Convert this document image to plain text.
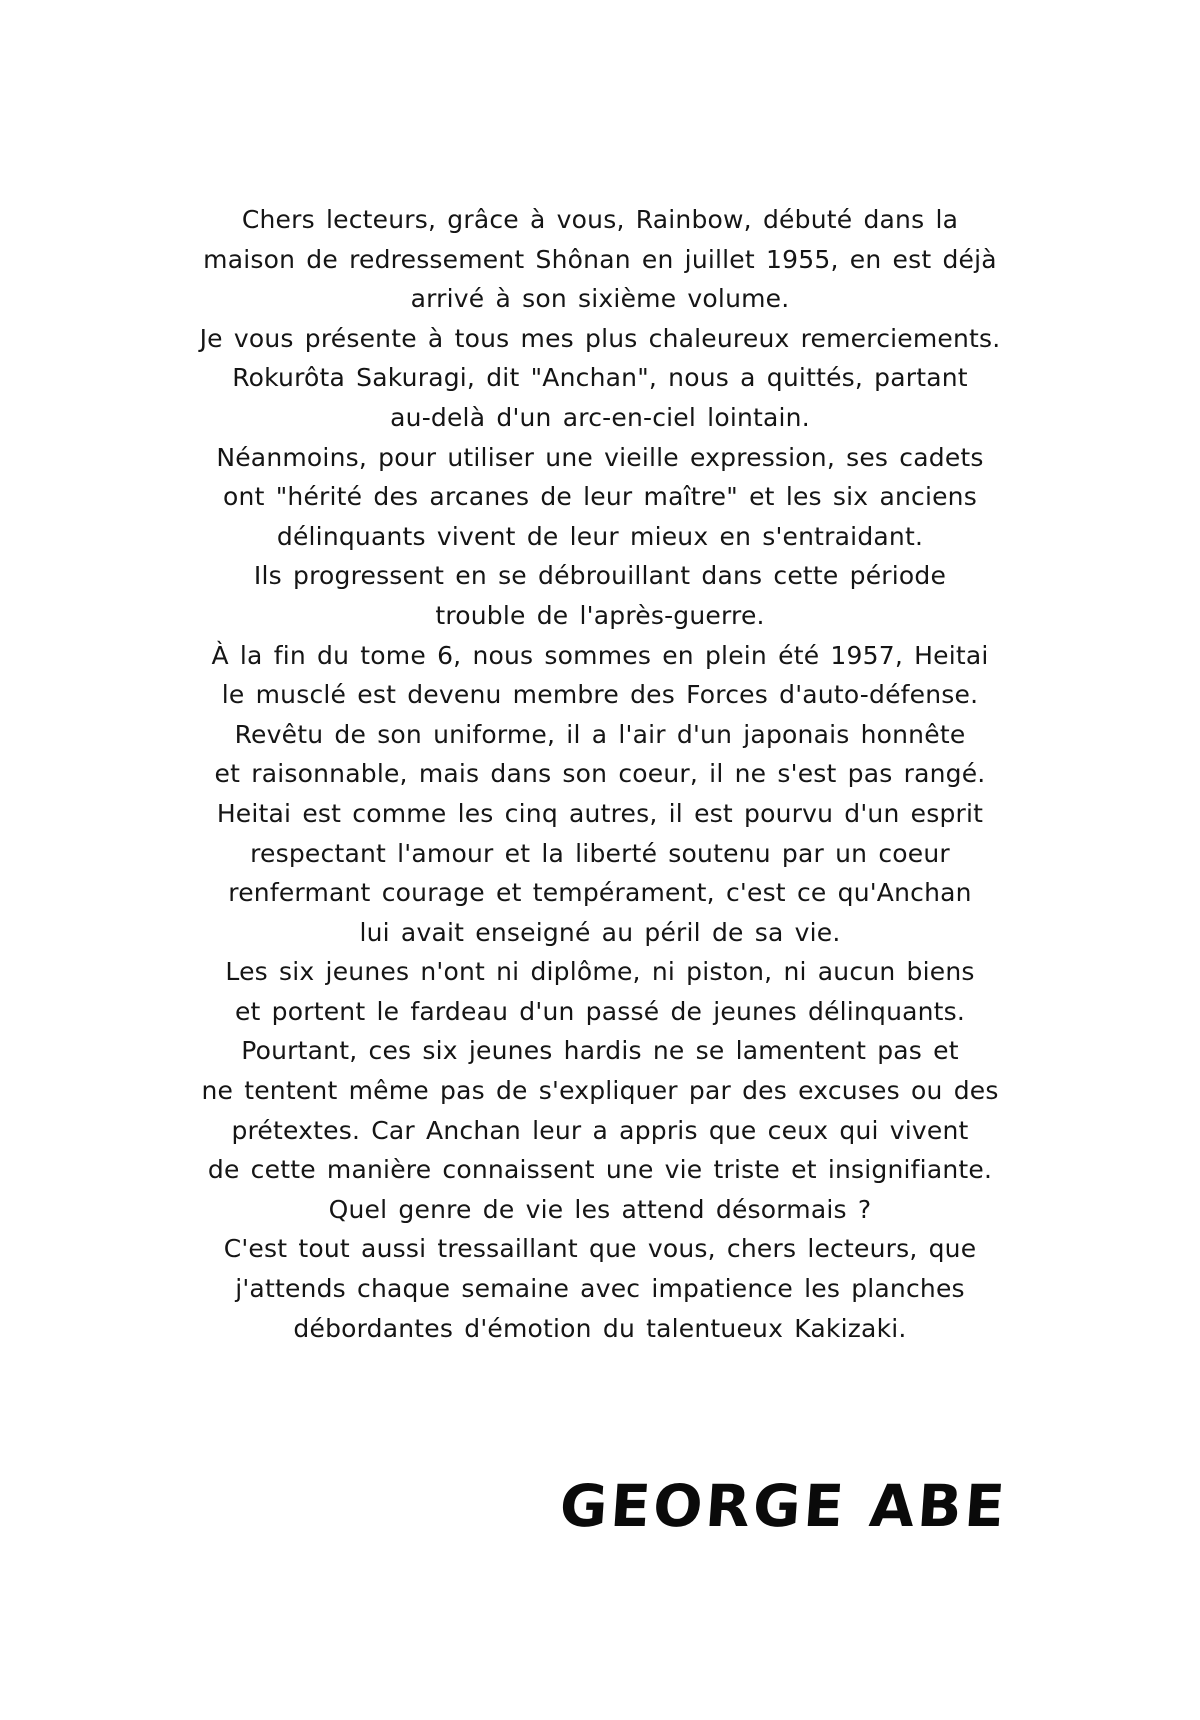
Chers lecteurs, grâce à vous, Rainbow, débuté dans la
maison de redressement Shônan en juillet 1955, en est déjà
arrivé à son sixième volume.
Je vous présente à tous mes plus chaleureux remerciements.
Rokurôta Sakuragi, dit "Anchan", nous a quittés, partant
au-delà d'un arc-en-ciel lointain.
Néanmoins, pour utiliser une vieille expression, ses cadets
ont "hérité des arcanes de leur maître" et les six anciens
délinquants vivent de leur mieux en s'entraidant.
Ils progressent en se débrouillant dans cette période
trouble de l'après-guerre.
À la fin du tome 6, nous sommes en plein été 1957, Heitai
le musclé est devenu membre des Forces d'auto-défense.
Revêtu de son uniforme, il a l'air d'un japonais honnête
et raisonnable, mais dans son coeur, il ne s'est pas rangé.
Heitai est comme les cinq autres, il est pourvu d'un esprit
respectant l'amour et la liberté soutenu par un coeur
renfermant courage et tempérament, c'est ce qu'Anchan
lui avait enseigné au péril de sa vie.
Les six jeunes n'ont ni diplôme, ni piston, ni aucun biens
et portent le fardeau d'un passé de jeunes délinquants.
Pourtant, ces six jeunes hardis ne se lamentent pas et
ne tentent même pas de s'expliquer par des excuses ou des
prétextes. Car Anchan leur a appris que ceux qui vivent
de cette manière connaissent une vie triste et insignifiante.
Quel genre de vie les attend désormais ?
C'est tout aussi tressaillant que vous, chers lecteurs, que
j'attends chaque semaine avec impatience les planches
débordantes d'émotion du talentueux Kakizaki.
GEORGE ABE
